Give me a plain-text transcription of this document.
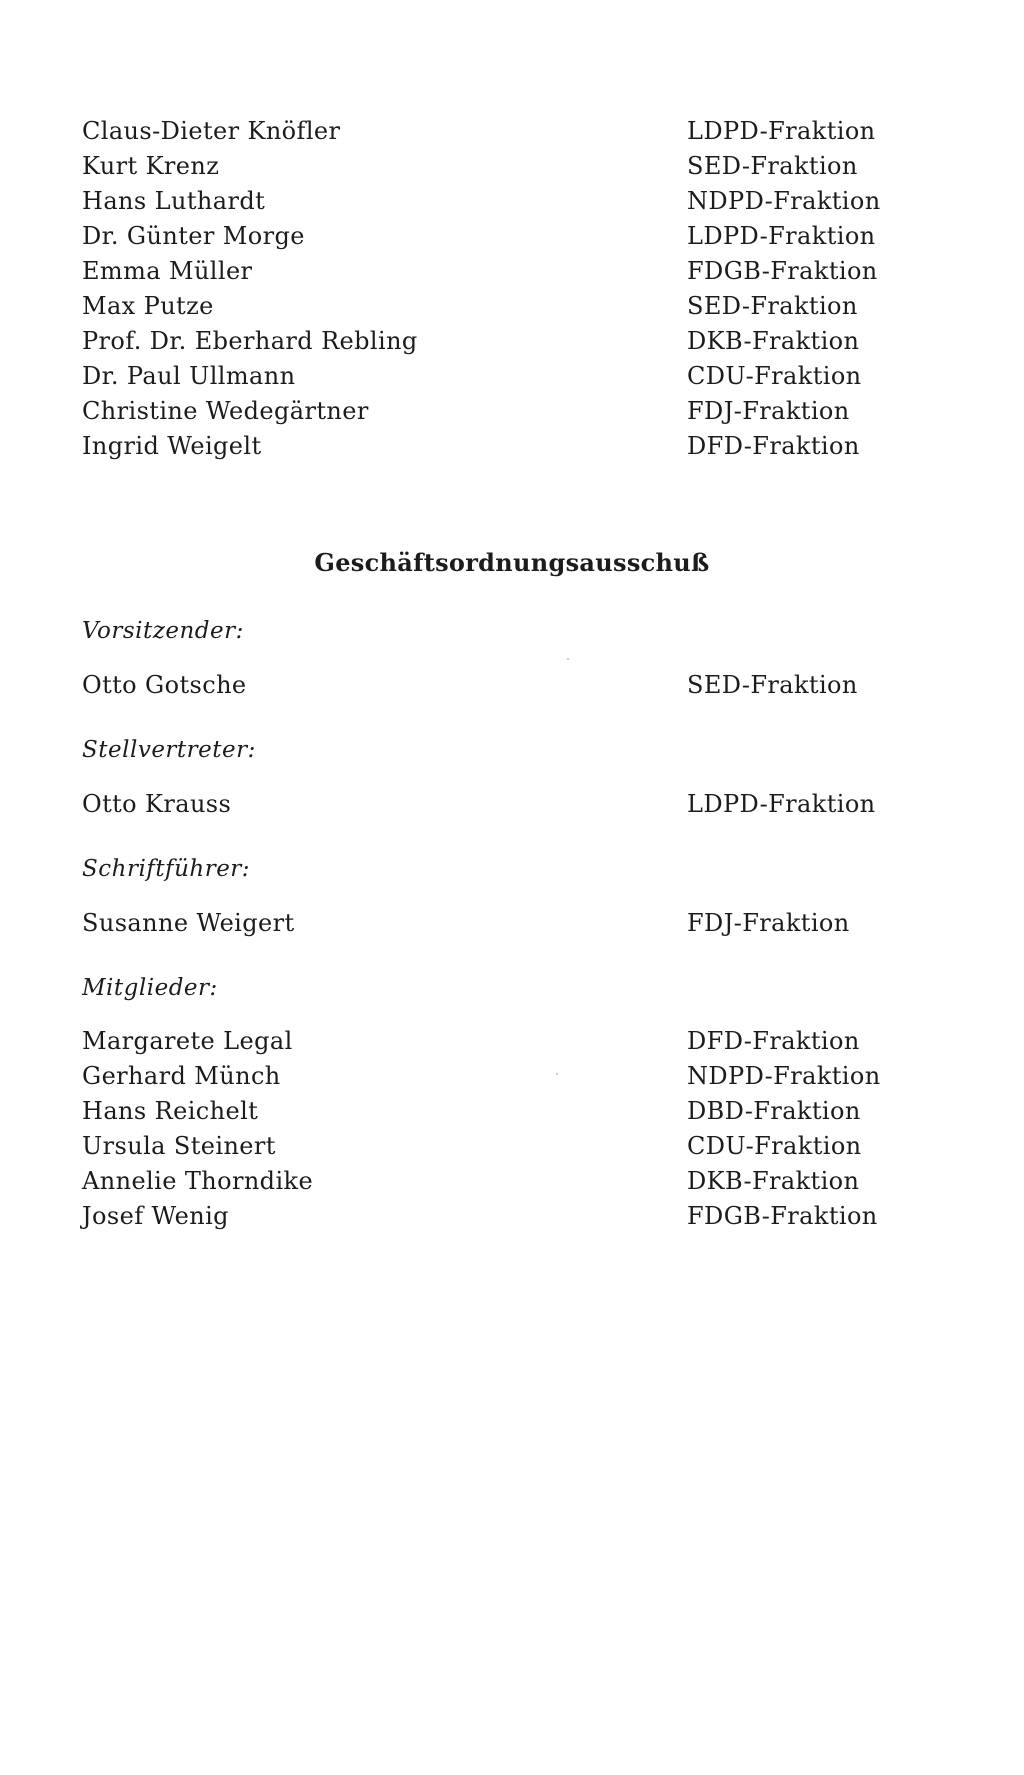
Claus-Dieter Knöfler	LDPD-Fraktion
Kurt Krenz	SED-Fraktion
Hans Luthardt	NDPD-Fraktion
Dr. Günter Morge	LDPD-Fraktion
Emma Müller	FDGB-Fraktion
Max Putze	SED-Fraktion
Prof. Dr. Eberhard Rebling	DKB-Fraktion
Dr. Paul Ullmann	CDU-Fraktion
Christine Wedegärtner	FDJ-Fraktion
Ingrid Weigelt	DFD-Fraktion
Geschäftsordnungsausschuß
Vorsitzender:
Otto Gotsche	SED-Fraktion
Stellvertreter:
Otto Krauss	LDPD-Fraktion
Schriftführer:
Susanne Weigert	FDJ-Fraktion
Mitglieder:
Margarete Legal	DFD-Fraktion
Gerhard Münch	NDPD-Fraktion
Hans Reichelt	DBD-Fraktion
Ursula Steinert	CDU-Fraktion
Annelie Thorndike	DKB-Fraktion
Josef Wenig	FDGB-Fraktion
